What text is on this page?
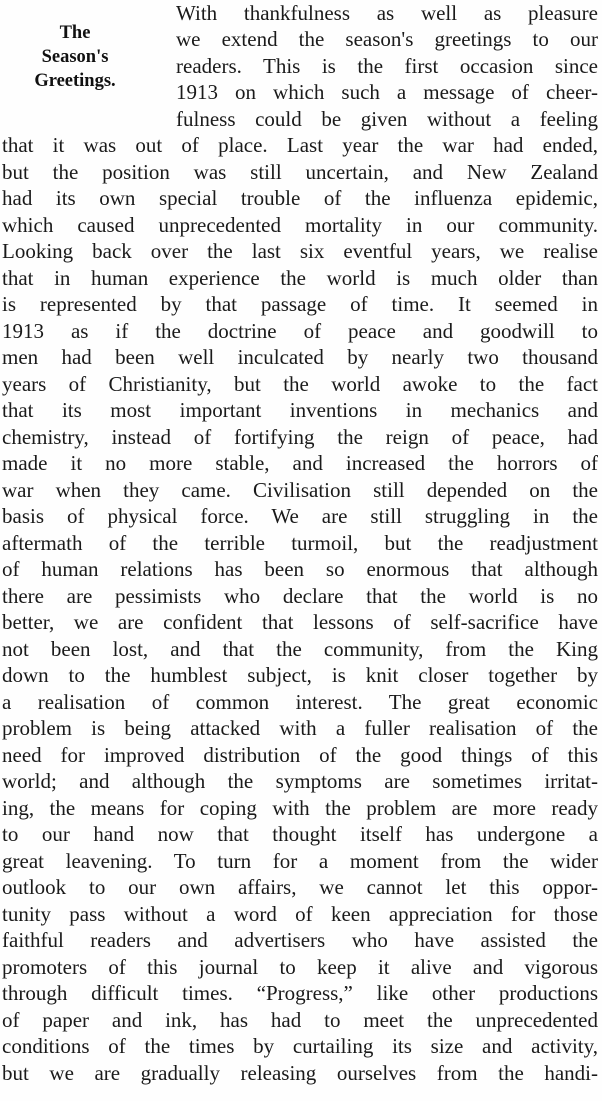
The
Season's
Greetings.
With thankfulness as well as pleasure
we extend the season's greetings to our
readers. This is the first occasion since
1913 on which such a message of cheer-
fulness could be given without a feeling
that it was out of place. Last year the war had ended,
but the position was still uncertain, and New Zealand
had its own special trouble of the influenza epidemic,
which caused unprecedented mortality in our community.
Looking back over the last six eventful years, we realise
that in human experience the world is much older than
is represented by that passage of time. It seemed in
1913 as if the doctrine of peace and goodwill to
men had been well inculcated by nearly two thousand
years of Christianity, but the world awoke to the fact
that its most important inventions in mechanics and
chemistry, instead of fortifying the reign of peace, had
made it no more stable, and increased the horrors of
war when they came. Civilisation still depended on the
basis of physical force. We are still struggling in the
aftermath of the terrible turmoil, but the readjustment
of human relations has been so enormous that although
there are pessimists who declare that the world is no
better, we are confident that lessons of self-sacrifice have
not been lost, and that the community, from the King
down to the humblest subject, is knit closer together by
a realisation of common interest. The great economic
problem is being attacked with a fuller realisation of the
need for improved distribution of the good things of this
world; and although the symptoms are sometimes irritat-
ing, the means for coping with the problem are more ready
to our hand now that thought itself has undergone a
great leavening. To turn for a moment from the wider
outlook to our own affairs, we cannot let this oppor-
tunity pass without a word of keen appreciation for those
faithful readers and advertisers who have assisted the
promoters of this journal to keep it alive and vigorous
through difficult times. “Progress,” like other productions
of paper and ink, has had to meet the unprecedented
conditions of the times by curtailing its size and activity,
but we are gradually releasing ourselves from the handi-
